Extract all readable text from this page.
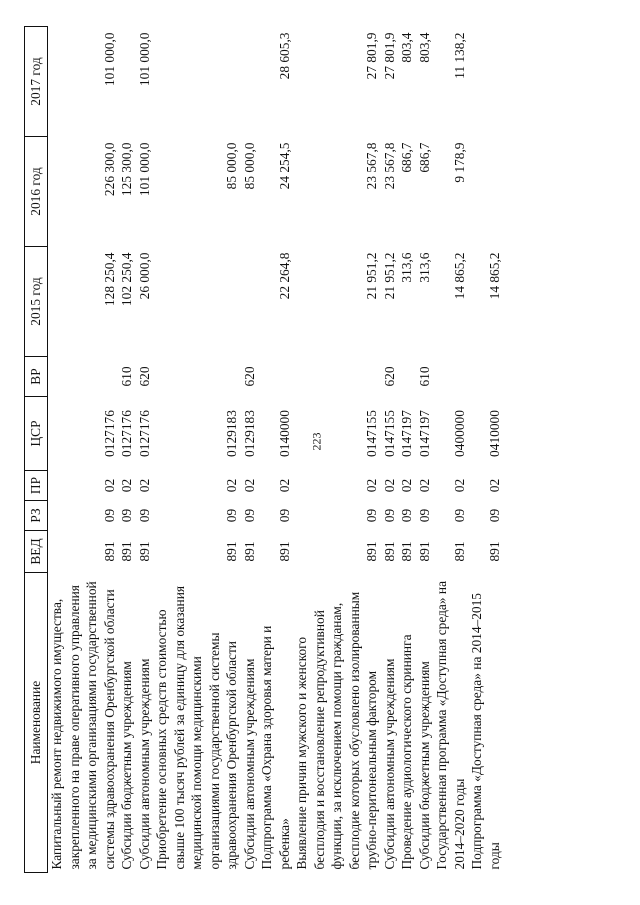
223
Наименование	ВЕД	РЗ	ПР	ЦСР	ВР	2015 год	2016 год	2017 год
Капитальный ремонт недвижимого имущества, закрепленного на праве оперативного управления за медицинскими организациями государственной системы здравоохранения Оренбургской области	891	09	02	0127176		128 250,4	226 300,0	101 000,0
Субсидии бюджетным учреждениям	891	09	02	0127176	610	102 250,4	125 300,0	
Субсидии автономным учреждениям	891	09	02	0127176	620	26 000,0	101 000,0	101 000,0
Приобретение основных средств стоимостью свыше 100 тысяч рублей за единицу для оказания медицинской помощи медицинскими организациями государственной системы здравоохранения Оренбургской области	891	09	02	0129183			85 000,0	
Субсидии автономным учреждениям	891	09	02	0129183	620		85 000,0	
Подпрограмма «Охрана здоровья матери и ребенка»	891	09	02	0140000		22 264,8	24 254,5	28 605,3
Выявление причин мужского и женского бесплодия и восстановление репродуктивной функции, за исключением помощи гражданам, бесплодие которых обусловлено изолированным трубно-перитонеальным фактором	891	09	02	0147155		21 951,2	23 567,8	27 801,9
Субсидии автономным учреждениям	891	09	02	0147155	620	21 951,2	23 567,8	27 801,9
Проведение аудиологического скрининга	891	09	02	0147197		313,6	686,7	803,4
Субсидии бюджетным учреждениям	891	09	02	0147197	610	313,6	686,7	803,4
Государственная программа «Доступная среда» на 2014–2020 годы	891	09	02	0400000		14 865,2	9 178,9	11 138,2
Подпрограмма «Доступная среда» на 2014–2015 годы	891	09	02	0410000		14 865,2		
